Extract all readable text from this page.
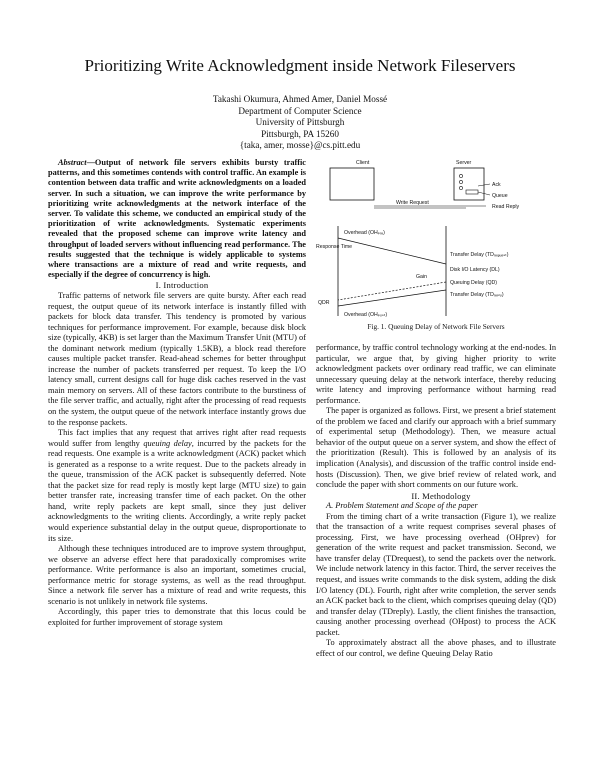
Prioritizing Write Acknowledgment inside Network Fileservers
Takashi Okumura, Ahmed Amer, Daniel Mossé
Department of Computer Science
University of Pittsburgh
Pittsburgh, PA 15260
{taka, amer, mosse}@cs.pitt.edu

Abstract—Output of network file servers exhibits bursty traffic patterns, and this sometimes contends with control traffic. An example is contention between data traffic and write acknowledgments on a loaded server. In such a situation, we can improve the write performance by prioritizing write acknowledgments at the network interface of the server. To validate this scheme, we conducted an empirical study of the prioritization of write acknowledgments. Systematic experiments revealed that the proposed scheme can improve write latency and throughput of loaded servers without influencing read performance. The results suggested that the technique is widely applicable to systems where transactions are a mixture of read and write requests, and especially if the degree of concurrency is high.

I. Introduction

Traffic patterns of network file servers are quite bursty. After each read request, the output queue of its network interface is instantly filled with packets for block data transfer. This tendency is promoted by various techniques for performance improvement. For example, because disk block size (typically, 4KB) is set larger than the Maximum Transfer Unit (MTU) of the dominant network medium (typically 1.5KB), a block read therefore causes multiple packet transfer. Read-ahead schemes for better throughput increase the number of packets transferred per request. To keep the I/O latency small, current designs call for huge disk caches reserved in the vast main memory on servers. All of these factors contribute to the burstiness of the file server traffic, and actually, right after the processing of read requests on the system, the output queue of the network interface instantly grows due to the response packets.

This fact implies that any request that arrives right after read requests would suffer from lengthy queuing delay, incurred by the packets for the read requests. One example is a write acknowledgment (ACK) packet which is generated as a response to a write request. Due to the packets already in the queue, transmission of the ACK packet is subsequently deferred. Note that the packet size for read reply is mostly kept large (MTU size) to gain better transfer rate, increasing transfer time of each packet. On the other hand, write reply packets are kept small, since they just deliver acknowledgments to the writing clients. Accordingly, a write reply packet would experience substantial delay in the output queue, disproportionate to its size.

Although these techniques introduced are to improve system throughput, we observe an adverse effect here that paradoxically compromises write performance. Write performance is also an important, sometimes crucial, performance metric for storage systems, as well as the read throughput. Since a network file server has a mixture of read and write requests, this scenario is not unlikely in network file systems.

Accordingly, this paper tries to demonstrate that this locus could be exploited for further improvement of storage system

Client	Server
Ack
Queue
Read Reply
Write Request
Overhead (OHₚᵣₑ)
Response Time
Transfer Delay (TDᵣₑᵩᵤₑₛₜ)
Disk I/O Latency (DL)
Gain
Queuing Delay (QD)
Transfer Delay (TDᵣₑₚₗᵧ)
QDR
Overhead (OHₚₒₛₜ)
Fig. 1. Queuing Delay of Network File Servers

performance, by traffic control technology working at the end-nodes. In particular, we argue that, by giving higher priority to write acknowledgment packets over ordinary read traffic, we can eliminate unnecessary queuing delay at the network interface, thereby reducing write latency and improving performance without harming read performance.

The paper is organized as follows. First, we present a brief statement of the problem we faced and clarify our approach with a brief summary of experimental setup (Methodology). Then, we measure actual behavior of the output queue on a server system, and show the effect of the prioritization (Result). This is followed by an analysis of its implication (Analysis), and discussion of the traffic control inside end-hosts (Discussion). Then, we give brief review of related work, and conclude the paper with short comments on our future work.

II. Methodology

A. Problem Statement and Scope of the paper

From the timing chart of a write transaction (Figure 1), we realize that the transaction of a write request comprises several phases of processing. First, we have processing overhead (OHprev) for generation of the write request and packet transmission. Second, we have transfer delay (TDrequest), to send the packets over the network. We include network latency in this factor. Third, the server receives the request, and issues write commands to the disk system, adding the disk I/O latency (DL). Fourth, right after write completion, the server sends an ACK packet back to the client, which comprises queuing delay (QD) and transfer delay (TDreply). Lastly, the client finishes the transaction, causing another processing overhead (OHpost) to process the ACK packet.

To approximately abstract all the above phases, and to illustrate effect of our control, we define Queuing Delay Ratio
